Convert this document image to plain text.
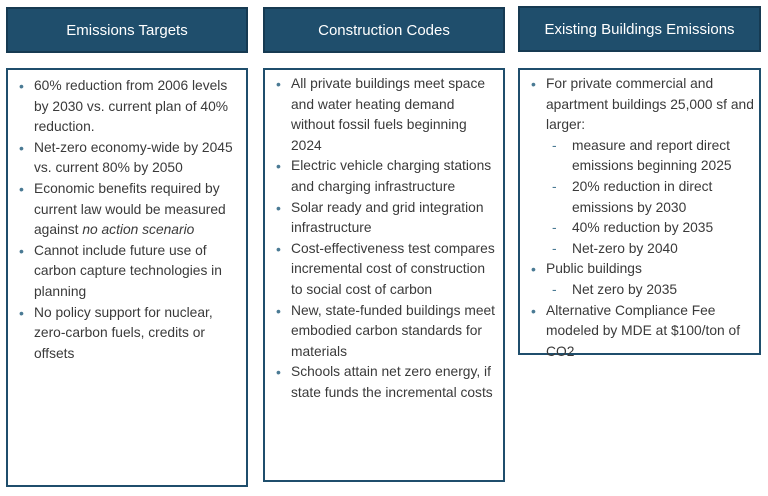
Emissions Targets
• 60% reduction from 2006 levels by 2030 vs. current plan of 40% reduction.
• Net-zero economy-wide by 2045 vs. current 80% by 2050
• Economic benefits required by current law would be measured against no action scenario
• Cannot include future use of carbon capture technologies in planning
• No policy support for nuclear, zero-carbon fuels, credits or offsets
Construction Codes
• All private buildings meet space and water heating demand without fossil fuels beginning 2024
• Electric vehicle charging stations and charging infrastructure
• Solar ready and grid integration infrastructure
• Cost-effectiveness test compares incremental cost of construction to social cost of carbon
• New, state-funded buildings meet embodied carbon standards for materials
• Schools attain net zero energy, if state funds the incremental costs
Existing Buildings Emissions
• For private commercial and apartment buildings 25,000 sf and larger:
- measure and report direct emissions beginning 2025
- 20% reduction in direct emissions by 2030
- 40% reduction by 2035
- Net-zero by 2040
• Public buildings
- Net zero by 2035
• Alternative Compliance Fee modeled by MDE at $100/ton of CO2
